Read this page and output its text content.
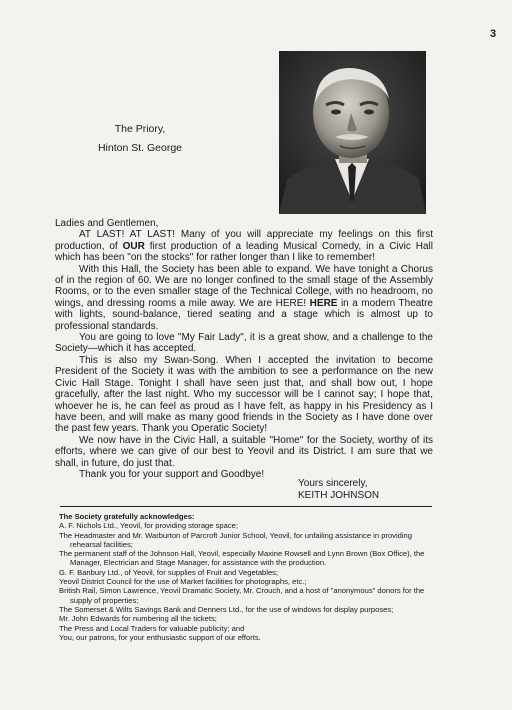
3
The Priory,
Hinton St. George

Ladies and Gentlemen,

AT LAST! AT LAST! Many of you will appreciate my feelings on this first production, of OUR first production of a leading Musical Comedy, in a Civic Hall which has been "on the stocks" for rather longer than I like to remember!

With this Hall, the Society has been able to expand. We have tonight a Chorus of in the region of 60. We are no longer confined to the small stage of the Assembly Rooms, or to the even smaller stage of the Technical College, with no headroom, no wings, and dressing rooms a mile away. We are HERE! HERE in a modern Theatre with lights, sound-balance, tiered seating and a stage which is almost up to professional standards.

You are going to love "My Fair Lady", it is a great show, and a challenge to the Society—which it has accepted.

This is also my Swan-Song. When I accepted the invitation to become President of the Society it was with the ambition to see a performance on the new Civic Hall Stage. Tonight I shall have seen just that, and shall bow out, I hope gracefully, after the last night. Who my successor will be I cannot say; I hope that, whoever he is, he can feel as proud as I have felt, as happy in his Presidency as I have been, and will make as many good friends in the Society as I have done over the past few years. Thank you Operatic Society!

We now have in the Civic Hall, a suitable "Home" for the Society, worthy of its efforts, where we can give of our best to Yeovil and its District. I am sure that we shall, in future, do just that.

Thank you for your support and Goodbye!

Yours sincerely,
KEITH JOHNSON
The Society gratefully acknowledges:
A. F. Nichols Ltd., Yeovil, for providing storage space;
The Headmaster and Mr. Warburton of Parcroft Junior School, Yeovil, for unfailing assistance in providing rehearsal facilities;
The permanent staff of the Johnson Hall, Yeovil, especially Maxine Rowsell and Lynn Brown (Box Office), the Manager, Electrician and Stage Manager, for assistance with the production.
G. F. Banbury Ltd., of Yeovil, for supplies of Fruit and Vegetables;
Yeovil District Council for the use of Market facilities for photographs, etc.;
British Rail, Simon Lawrence, Yeovil Dramatic Society, Mr. Crouch, and a host of "anonymous" donors for the supply of properties;
The Somerset & Wilts Savings Bank and Denners Ltd., for the use of windows for display purposes;
Mr. John Edwards for numbering all the tickets;
The Press and Local Traders for valuable publicity; and
You, our patrons, for your enthusiastic support of our efforts.
